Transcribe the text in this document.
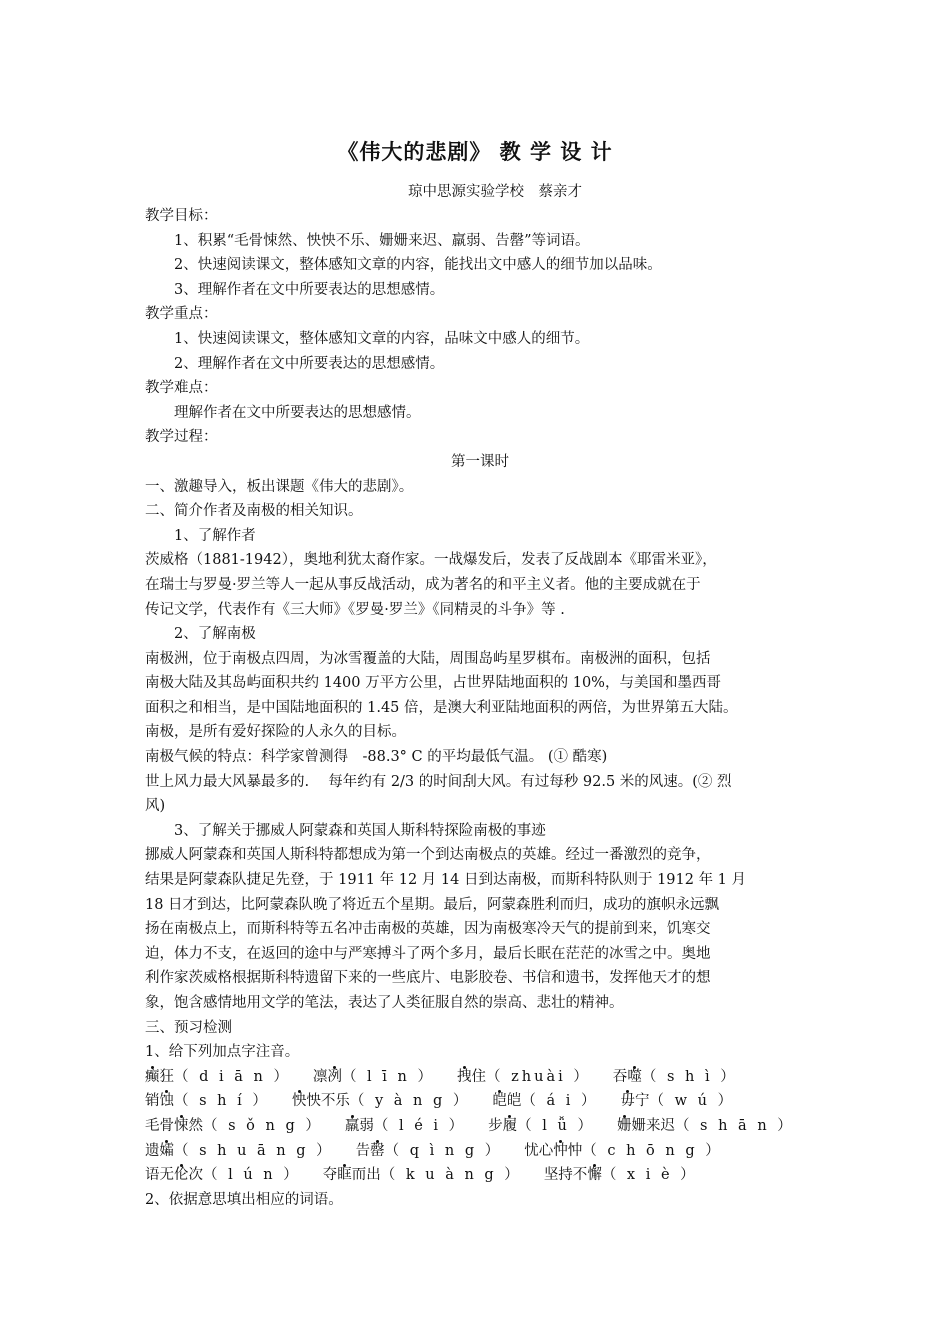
《伟大的悲剧》 教 学 设 计
琼中思源实验学校　蔡亲才
教学目标：
1、积累“毛骨悚然、怏怏不乐、姗姗来迟、羸弱、告罄”等词语。
2、快速阅读课文，整体感知文章的内容，能找出文中感人的细节加以品味。
3、理解作者在文中所要表达的思想感情。
教学重点：
1、快速阅读课文，整体感知文章的内容，品味文中感人的细节。
2、理解作者在文中所要表达的思想感情。
教学难点：
理解作者在文中所要表达的思想感情。
教学过程：
第一课时
一、激趣导入，板出课题《伟大的悲剧》。
二、简介作者及南极的相关知识。
1、了解作者
茨威格（1881-1942），奥地利犹太裔作家。一战爆发后，发表了反战剧本《耶雷米亚》，
在瑞士与罗曼·罗兰等人一起从事反战活动，成为著名的和平主义者。他的主要成就在于
传记文学，代表作有《三大师》《罗曼·罗兰》《同精灵的斗争》等 .
2、了解南极
南极洲，位于南极点四周，为冰雪覆盖的大陆，周围岛屿星罗棋布。南极洲的面积，包括
南极大陆及其岛屿面积共约 1400 万平方公里，占世界陆地面积的 10%，与美国和墨西哥
面积之和相当，是中国陆地面积的 1.45 倍，是澳大利亚陆地面积的两倍，为世界第五大陆。
南极，是所有爱好探险的人永久的目标。
南极气候的特点：科学家曾测得　-88.3° C 的平均最低气温。 (① 酷寒)
世上风力最大风暴最多的.　 每年约有 2/3 的时间刮大风。有过每秒 92.5 米的风速。(② 烈
风)
3、了解关于挪威人阿蒙森和英国人斯科特探险南极的事迹
挪威人阿蒙森和英国人斯科特都想成为第一个到达南极点的英雄。经过一番激烈的竞争，
结果是阿蒙森队捷足先登，于 1911 年 12 月 14 日到达南极，而斯科特队则于 1912 年 1 月
18 日才到达，比阿蒙森队晚了将近五个星期。最后，阿蒙森胜利而归，成功的旗帜永远飘
扬在南极点上，而斯科特等五名冲击南极的英雄，因为南极寒冷天气的提前到来，饥寒交
迫，体力不支，在返回的途中与严寒搏斗了两个多月，最后长眠在茫茫的冰雪之中。奥地
利作家茨威格根据斯科特遗留下来的一些底片、电影胶卷、书信和遗书，发挥他天才的想
象，饱含感情地用文学的笔法，表达了人类征服自然的崇高、悲壮的精神。
三、预习检测
1、给下列加点字注音。
癫狂（ d i ā n ） 凛冽（ l ī n ） 拽住（ zhuài ） 吞噬（ s h ì ）
销蚀（ s h í ） 怏怏不乐（ y à n g ） 皑皑（ á i ） 毋宁（ w ú ）
毛骨悚然（ s ǒ n g ） 羸弱（ l é i ） 步履（ l ǚ ） 姗姗来迟（ s h ā n ）
遗孀（ s h u ā n g ） 告罄（ q ì n g ） 忧心忡忡（ c h ō n g ）
语无伦次（ l ú n ） 夺眶而出（ k u à n g ） 坚持不懈（ x i è ）
2、依据意思填出相应的词语。
